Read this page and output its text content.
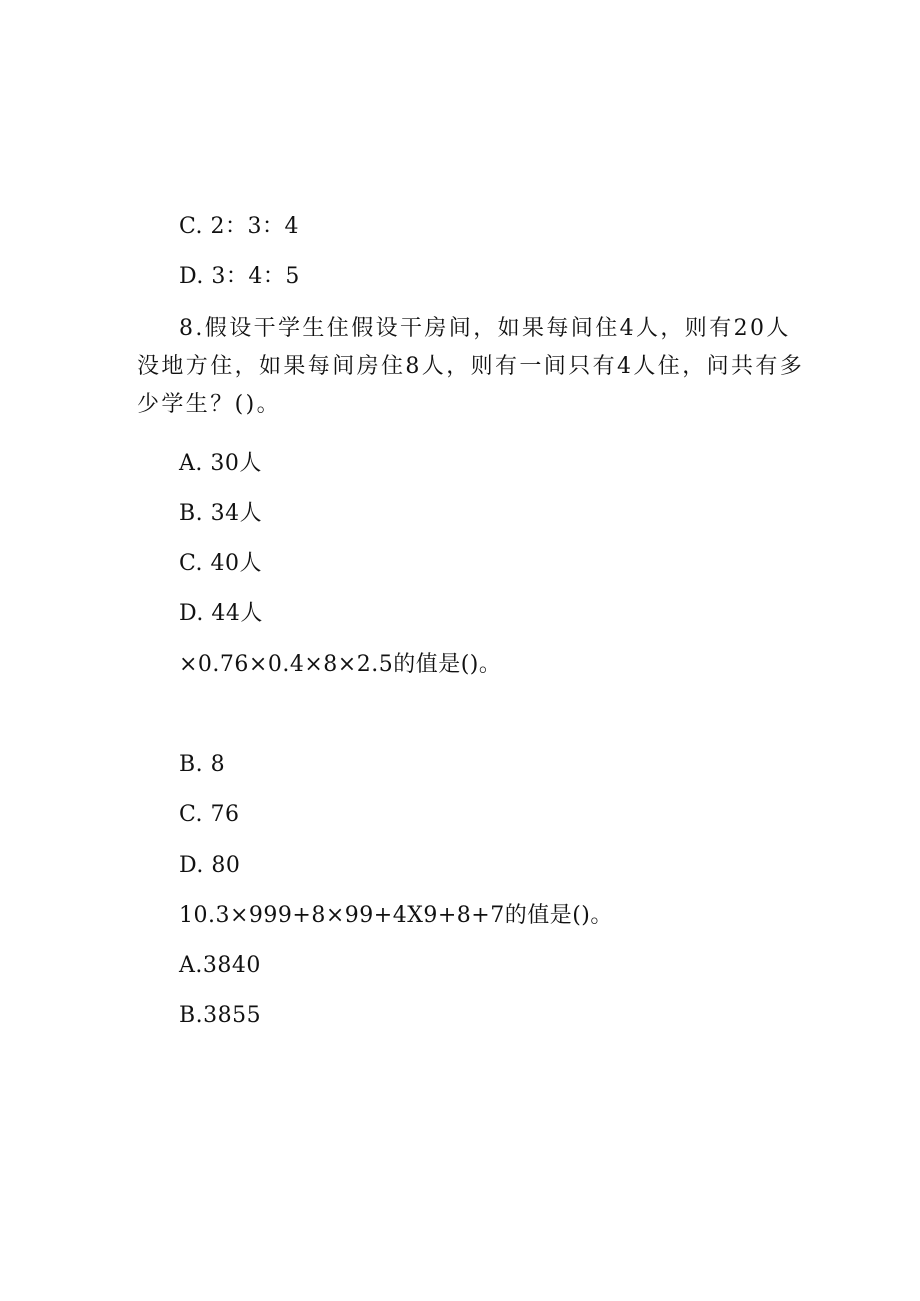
C. 2：3：4
D. 3：4：5
8.假设干学生住假设干房间，如果每间住4人，则有20人没地方住，如果每间房住8人，则有一间只有4人住，问共有多少学生？()。
A. 30人
B. 34人
C. 40人
D. 44人
×0.76×0.4×8×2.5的值是()。
B. 8
C. 76
D. 80
10.3×999+8×99+4X9+8+7的值是()。
A.3840
B.3855
